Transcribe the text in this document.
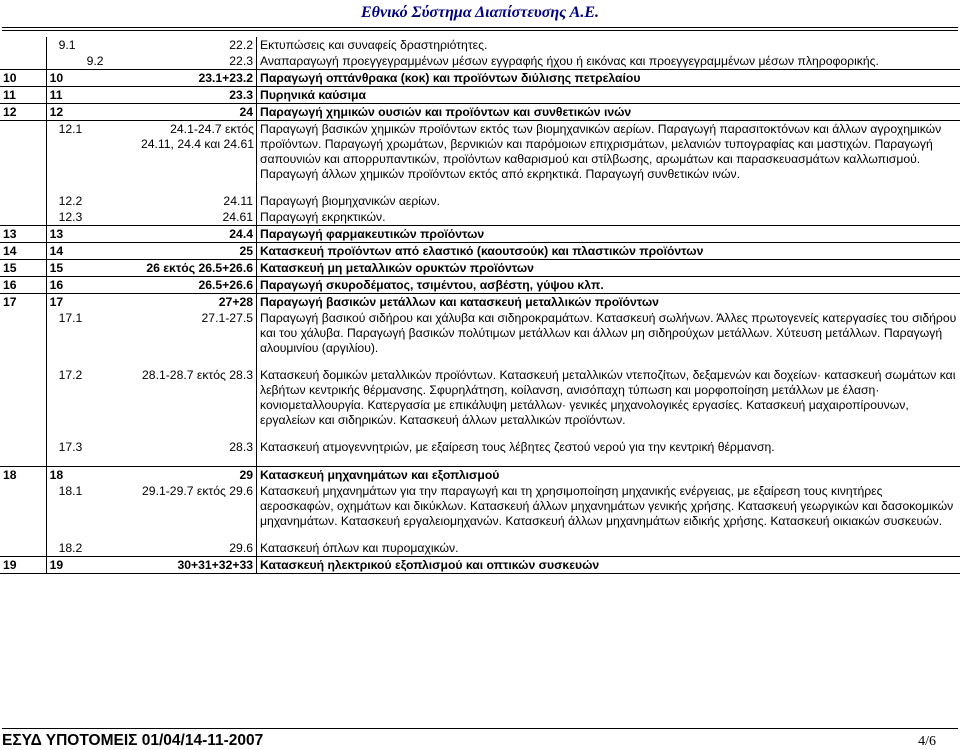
Εθνικό Σύστημα Διαπίστευσης Α.Ε.
	9.1	22.2	Εκτυπώσεις και συναφείς δραστηριότητες.
	9.2	22.3	Αναπαραγωγή προεγγεγραμμένων μέσων εγγραφής ήχου ή εικόνας και προεγγεγραμμένων μέσων πληροφορικής.
10	10	23.1+23.2	Παραγωγή οπτάνθρακα (κοκ) και προϊόντων διύλισης πετρελαίου
11	11	23.3	Πυρηνικά καύσιμα
12	12	24	Παραγωγή χημικών ουσιών και προϊόντων και συνθετικών ινών
	12.1	24.1-24.7 εκτός 24.11, 24.4 και 24.61	Παραγωγή βασικών χημικών προϊόντων εκτός των βιομηχανικών αερίων. Παραγωγή παρασιτοκτόνων και άλλων αγροχημικών προϊόντων. Παραγωγή χρωμάτων, βερνικιών και παρόμοιων επιχρισμάτων, μελανιών τυπογραφίας και μαστιχών. Παραγωγή σαπουνιών και απορρυπαντικών, προϊόντων καθαρισμού και στίλβωσης, αρωμάτων και παρασκευασμάτων καλλωπισμού. Παραγωγή άλλων χημικών προϊόντων εκτός από εκρηκτικά. Παραγωγή συνθετικών ινών.

	12.2	24.11	Παραγωγή βιομηχανικών αερίων.
	12.3	24.61	Παραγωγή εκρηκτικών.
13	13	24.4	Παραγωγή φαρμακευτικών προϊόντων
14	14	25	Κατασκευή προϊόντων από ελαστικό (καουτσούκ) και πλαστικών προϊόντων
15	15	26 εκτός 26.5+26.6	Κατασκευή μη μεταλλικών ορυκτών προϊόντων
16	16	26.5+26.6	Παραγωγή σκυροδέματος, τσιμέντου, ασβέστη, γύψου κλπ.
17	17	27+28	Παραγωγή βασικών μετάλλων και κατασκευή μεταλλικών προϊόντων
	17.1	27.1-27.5	Παραγωγή βασικού σιδήρου και χάλυβα και σιδηροκραμάτων. Κατασκευή σωλήνων. Άλλες πρωτογενείς κατεργασίες του σιδήρου και του χάλυβα. Παραγωγή βασικών πολύτιμων μετάλλων και άλλων μη σιδηρούχων μετάλλων. Χύτευση μετάλλων. Παραγωγή αλουμινίου (αργιλίου).

	17.2	28.1-28.7 εκτός 28.3	Κατασκευή δομικών μεταλλικών προϊόντων. Κατασκευή μεταλλικών ντεποζίτων, δεξαμενών και δοχείων· κατασκευή σωμάτων και λεβήτων κεντρικής θέρμανσης. Σφυρηλάτηση, κοίλανση, ανισόπαχη τύπωση και μορφοποίηση μετάλλων με έλαση· κονιομεταλλουργία. Κατεργασία με επικάλυψη μετάλλων· γενικές μηχανολογικές εργασίες. Κατασκευή μαχαιροπίρουνων, εργαλείων και σιδηρικών. Κατασκευή άλλων μεταλλικών προϊόντων.

	17.3	28.3	Κατασκευή ατμογεννητριών, με εξαίρεση τους λέβητες ζεστού νερού για την κεντρική θέρμανση.

18	18	29	Κατασκευή μηχανημάτων και εξοπλισμού
	18.1	29.1-29.7 εκτός 29.6	Κατασκευή μηχανημάτων για την παραγωγή και τη χρησιμοποίηση μηχανικής ενέργειας, με εξαίρεση τους κινητήρες αεροσκαφών, οχημάτων και δικύκλων. Κατασκευή άλλων μηχανημάτων γενικής χρήσης. Κατασκευή γεωργικών και δασοκομικών μηχανημάτων. Κατασκευή εργαλειομηχανών. Κατασκευή άλλων μηχανημάτων ειδικής χρήσης. Κατασκευή οικιακών συσκευών.

	18.2	29.6	Κατασκευή όπλων και πυρομαχικών.
19	19	30+31+32+33	Κατασκευή ηλεκτρικού εξοπλισμού και οπτικών συσκευών
ΕΣΥΔ ΥΠΟΤΟΜΕΙΣ 01/04/14-11-2007	4/6
